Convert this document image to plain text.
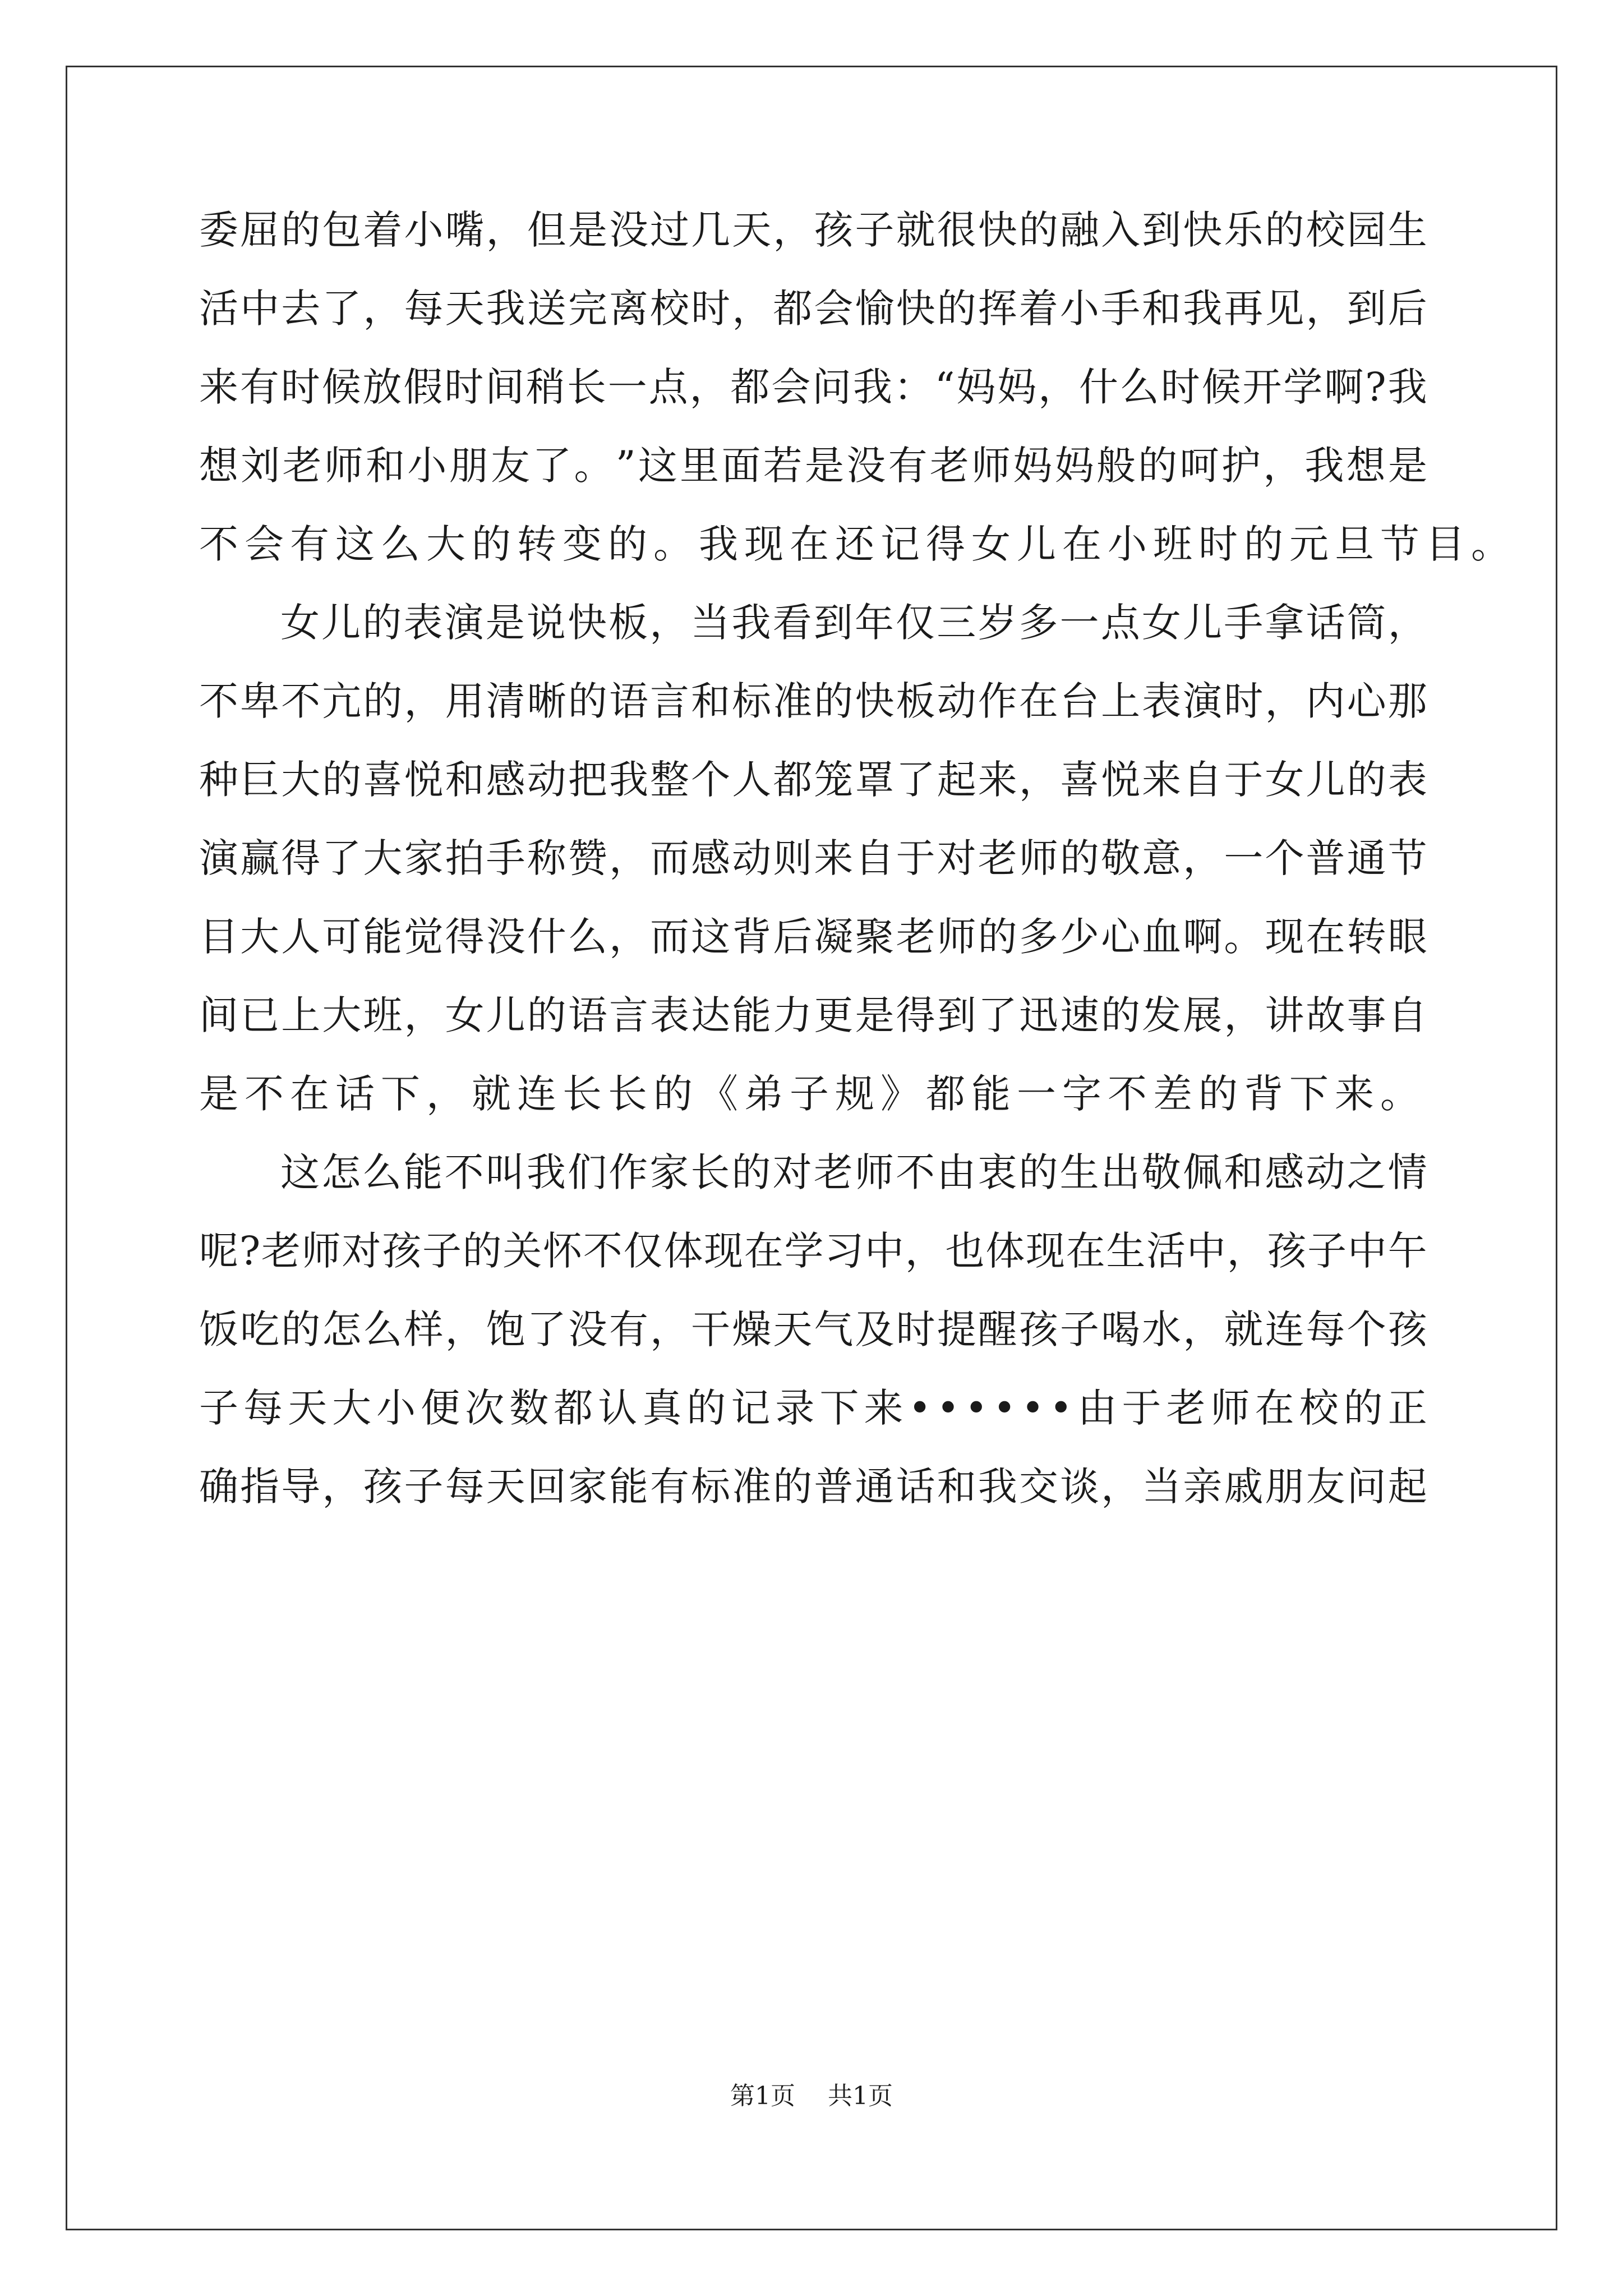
委 屈 的 包 着 小 嘴 ， 但 是 没 过 几 天 ， 孩 子 就 很 快 的 融 入 到 快 乐 的 校 园 生
活 中 去 了 ， 每 天 我 送 完 离 校 时 ， 都 会 愉 快 的 挥 着 小 手 和 我 再 见 ， 到 后
来 有 时 候 放 假 时 间 稍 长 一 点 ， 都 会 问 我 ： “ 妈 妈 ， 什 么 时 候 开 学 啊 ? 我
想 刘 老 师 和 小 朋 友 了 。 ” 这 里 面 若 是 没 有 老 师 妈 妈 般 的 呵 护 ， 我 想 是
不会有这么大的转变的。我现在还记得女儿在小班时的元旦节目。
女 儿 的 表 演 是 说 快 板 ， 当 我 看 到 年 仅 三 岁 多 一 点 女 儿 手 拿 话 筒 ，
不 卑 不 亢 的 ， 用 清 晰 的 语 言 和 标 准 的 快 板 动 作 在 台 上 表 演 时 ， 内 心 那
种 巨 大 的 喜 悦 和 感 动 把 我 整 个 人 都 笼 罩 了 起 来 ， 喜 悦 来 自 于 女 儿 的 表
演 赢 得 了 大 家 拍 手 称 赞 ， 而 感 动 则 来 自 于 对 老 师 的 敬 意 ， 一 个 普 通 节
目 大 人 可 能 觉 得 没 什 么 ， 而 这 背 后 凝 聚 老 师 的 多 少 心 血 啊 。 现 在 转 眼
间 已 上 大 班 ， 女 儿 的 语 言 表 达 能 力 更 是 得 到 了 迅 速 的 发 展 ， 讲 故 事 自
是不在话下，就连长长的《弟子规》都能一字不差的背下来。
这 怎 么 能 不 叫 我 们 作 家 长 的 对 老 师 不 由 衷 的 生 出 敬 佩 和 感 动 之 情
呢 ? 老 师 对 孩 子 的 关 怀 不 仅 体 现 在 学 习 中 ， 也 体 现 在 生 活 中 ， 孩 子 中 午
饭 吃 的 怎 么 样 ， 饱 了 没 有 ， 干 燥 天 气 及 时 提 醒 孩 子 喝 水 ， 就 连 每 个 孩
子 每 天 大 小 便 次 数 都 认 真 的 记 录 下 来 • • • • • • 由 于 老 师 在 校 的 正
确 指 导 ， 孩 子 每 天 回 家 能 有 标 准 的 普 通 话 和 我 交 谈 ， 当 亲 戚 朋 友 问 起
第1页 共1页
